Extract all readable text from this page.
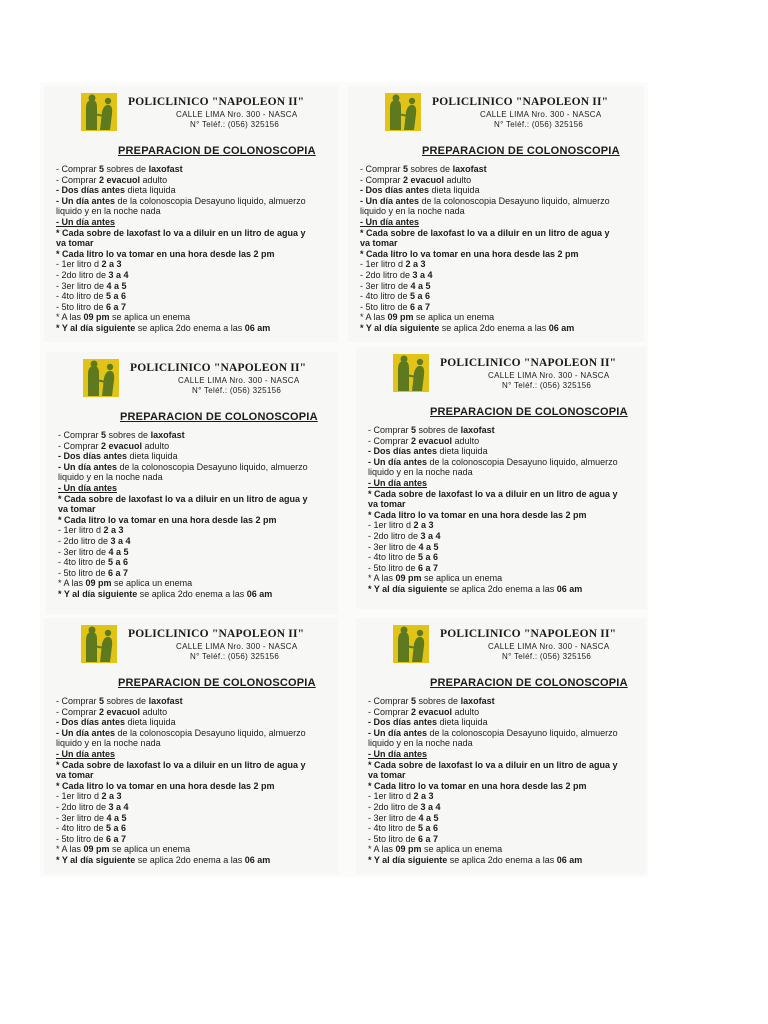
POLICLINICO "NAPOLEON II"
CALLE LIMA Nro. 300 - NASCA
N° Teléf.: (056) 325156
PREPARACION DE COLONOSCOPIA
- Comprar 5 sobres de laxofast
- Comprar 2 evacuol adulto
- Dos días antes dieta liquida
- Un día antes de la colonoscopia Desayuno liquido, almuerzo
liquido y en la noche nada
- Un día antes
* Cada sobre de laxofast lo va a diluir en un litro de agua y
va tomar
* Cada litro lo va tomar en una hora desde las 2 pm
- 1er litro d 2 a 3
- 2do litro de 3 a 4
- 3er litro de 4 a 5
- 4to litro de 5 a 6
- 5to litro de 6 a 7
* A las 09 pm se aplica un enema
* Y al día siguiente se aplica 2do enema a las 06 am
POLICLINICO "NAPOLEON II"
CALLE LIMA Nro. 300 - NASCA
N° Teléf.: (056) 325156
PREPARACION DE COLONOSCOPIA
- Comprar 5 sobres de laxofast
- Comprar 2 evacuol adulto
- Dos días antes dieta liquida
- Un día antes de la colonoscopia Desayuno liquido, almuerzo
liquido y en la noche nada
- Un día antes
* Cada sobre de laxofast lo va a diluir en un litro de agua y
va tomar
* Cada litro lo va tomar en una hora desde las 2 pm
- 1er litro d 2 a 3
- 2do litro de 3 a 4
- 3er litro de 4 a 5
- 4to litro de 5 a 6
- 5to litro de 6 a 7
* A las 09 pm se aplica un enema
* Y al día siguiente se aplica 2do enema a las 06 am
POLICLINICO "NAPOLEON II"
CALLE LIMA Nro. 300 - NASCA
N° Teléf.: (056) 325156
PREPARACION DE COLONOSCOPIA
- Comprar 5 sobres de laxofast
- Comprar 2 evacuol adulto
- Dos días antes dieta liquida
- Un día antes de la colonoscopia Desayuno liquido, almuerzo
liquido y en la noche nada
- Un día antes
* Cada sobre de laxofast lo va a diluir en un litro de agua y
va tomar
* Cada litro lo va tomar en una hora desde las 2 pm
- 1er litro d 2 a 3
- 2do litro de 3 a 4
- 3er litro de 4 a 5
- 4to litro de 5 a 6
- 5to litro de 6 a 7
* A las 09 pm se aplica un enema
* Y al día siguiente se aplica 2do enema a las 06 am
POLICLINICO "NAPOLEON II"
CALLE LIMA Nro. 300 - NASCA
N° Teléf.: (056) 325156
PREPARACION DE COLONOSCOPIA
- Comprar 5 sobres de laxofast
- Comprar 2 evacuol adulto
- Dos días antes dieta liquida
- Un día antes de la colonoscopia Desayuno liquido, almuerzo
liquido y en la noche nada
- Un día antes
* Cada sobre de laxofast lo va a diluir en un litro de agua y
va tomar
* Cada litro lo va tomar en una hora desde las 2 pm
- 1er litro d 2 a 3
- 2do litro de 3 a 4
- 3er litro de 4 a 5
- 4to litro de 5 a 6
- 5to litro de 6 a 7
* A las 09 pm se aplica un enema
* Y al día siguiente se aplica 2do enema a las 06 am
POLICLINICO "NAPOLEON II"
CALLE LIMA Nro. 300 - NASCA
N° Teléf.: (056) 325156
PREPARACION DE COLONOSCOPIA
- Comprar 5 sobres de laxofast
- Comprar 2 evacuol adulto
- Dos días antes dieta liquida
- Un día antes de la colonoscopia Desayuno liquido, almuerzo
liquido y en la noche nada
- Un día antes
* Cada sobre de laxofast lo va a diluir en un litro de agua y
va tomar
* Cada litro lo va tomar en una hora desde las 2 pm
- 1er litro d 2 a 3
- 2do litro de 3 a 4
- 3er litro de 4 a 5
- 4to litro de 5 a 6
- 5to litro de 6 a 7
* A las 09 pm se aplica un enema
* Y al día siguiente se aplica 2do enema a las 06 am
POLICLINICO "NAPOLEON II"
CALLE LIMA Nro. 300 - NASCA
N° Teléf.: (056) 325156
PREPARACION DE COLONOSCOPIA
- Comprar 5 sobres de laxofast
- Comprar 2 evacuol adulto
- Dos días antes dieta liquida
- Un día antes de la colonoscopia Desayuno liquido, almuerzo
liquido y en la noche nada
- Un día antes
* Cada sobre de laxofast lo va a diluir en un litro de agua y
va tomar
* Cada litro lo va tomar en una hora desde las 2 pm
- 1er litro d 2 a 3
- 2do litro de 3 a 4
- 3er litro de 4 a 5
- 4to litro de 5 a 6
- 5to litro de 6 a 7
* A las 09 pm se aplica un enema
* Y al día siguiente se aplica 2do enema a las 06 am
